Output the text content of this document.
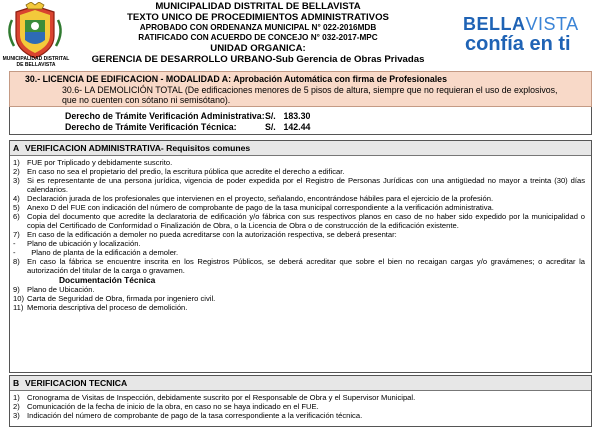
MUNICIPALIDAD DISTRITAL DE BELLAVISTA
MUNICIPALIDAD DISTRITAL DE BELLAVISTA
TEXTO UNICO DE PROCEDIMIENTOS ADMINISTRATIVOS
APROBADO CON ORDENANZA MUNICIPAL N° 022-2016MDB
RATIFICADO CON ACUERDO DE CONCEJO N° 032-2017-MPC
UNIDAD ORGANICA:
GERENCIA DE DESARROLLO URBANO-Sub Gerencia de Obras Privadas
BELLAVISTA
confía en ti
30.- LICENCIA DE EDIFICACION - MODALIDAD A: Aprobación Automática con firma de Profesionales
30.6- LA DEMOLICIÓN TOTAL (De edificaciones menores de 5 pisos de altura, siempre que no requieran el uso de explosivos, que no cuenten con sótano ni semisótano).
Derecho de Trámite Verificación Administrativa:S/. 183.30
Derecho de Trámite Verificación Técnica:	S/. 142.44
A VERIFICACION ADMINISTRATIVA- Requisitos comunes
1) FUE por Triplicado y debidamente suscrito.
2) En caso no sea el propietario del predio, la escritura pública que acredite el derecho a edificar.
3) Si es representante de una persona jurídica, vigencia de poder expedida por el Registro de Personas Jurídicas con una antigüedad no mayor a treinta (30) días calendarios.
4) Declaración jurada de los profesionales que intervienen en el proyecto, señalando, encontrándose hábiles para el ejercicio de la profesión.
5) Anexo D del FUE con indicación del número de comprobante de pago de la tasa municipal correspondiente a la verificación administrativa.
6) Copia del documento que acredite la declaratoria de edificación y/o fábrica con sus respectivos planos en caso de no haber sido expedido por la municipalidad o copia del Certificado de Conformidad o Finalización de Obra, o la Licencia de Obra o de construcción de la edificación existente.
7) En caso de la edificación a demoler no pueda acreditarse con la autorización respectiva, se deberá presentar:
-	Plano de ubicación y localización.
-	Plano de planta de la edificación a demoler.
8) En caso la fábrica se encuentre inscrita en los Registros Públicos, se deberá acreditar que sobre el bien no recaigan cargas y/o gravámenes; o acreditar la autorización del titular de la carga o gravamen.
Documentación Técnica
9) Plano de Ubicación.
10) Carta de Seguridad de Obra, firmada por ingeniero civil.
11) Memoria descriptiva del proceso de demolición.
B VERIFICACION TECNICA
1) Cronograma de Visitas de Inspección, debidamente suscrito por el Responsable de Obra y el Supervisor Municipal.
2) Comunicación de la fecha de inicio de la obra, en caso no se haya indicado en el FUE.
3) Indicación del número de comprobante de pago de la tasa correspondiente a la verificación técnica.
